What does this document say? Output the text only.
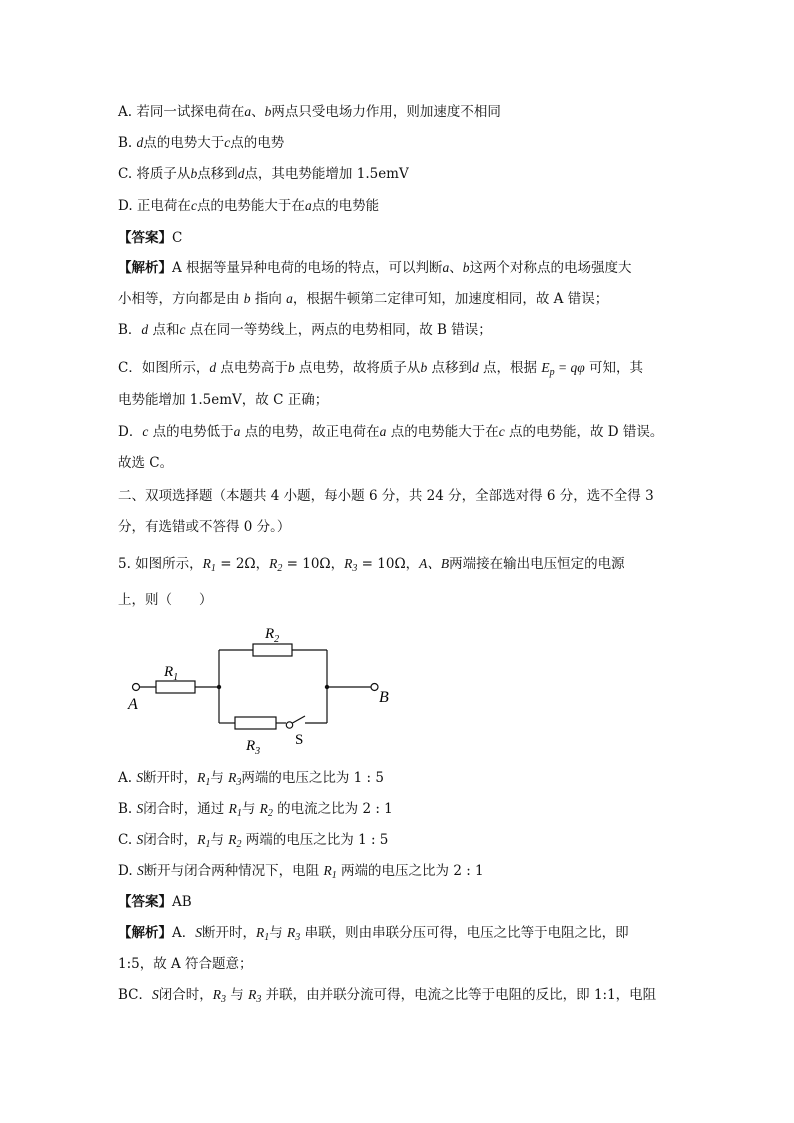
A. 若同一试探电荷在a、b两点只受电场力作用，则加速度不相同
B. d点的电势大于c点的电势
C. 将质子从b点移到d点，其电势能增加 1.5emV
D. 正电荷在c点的电势能大于在a点的电势能
【答案】C
【解析】A 根据等量异种电荷的电场的特点，可以判断a、b这两个对称点的电场强度大
小相等，方向都是由 b 指向 a，根据牛顿第二定律可知，加速度相同，故 A 错误；
B．d 点和c 点在同一等势线上，两点的电势相同，故 B 错误；
C．如图所示，d 点电势高于b 点电势，故将质子从b 点移到d 点，根据 $E_p = q\varphi$ 可知，其
电势能增加 1.5emV，故 C 正确；
D．c 点的电势低于a 点的电势，故正电荷在a 点的电势能大于在c 点的电势能，故 D 错误。
故选 C。
二、双项选择题（本题共 4 小题，每小题 6 分，共 24 分，全部选对得 6 分，选不全得 3
分，有选错或不答得 0 分。）
5. 如图所示，$R_1 = 2\Omega$，$R_2 = 10\Omega$，$R_3 = 10\Omega$，A、B两端接在输出电压恒定的电源
上，则（　　）
$R_1$
$R_2$
$R_3$
A	B
S
A. S断开时，$R_1$与 $R_3$两端的电压之比为 1 : 5
B. S闭合时，通过 $R_1$与 $R_2$ 的电流之比为 2 : 1
C. S闭合时，$R_1$与 $R_2$ 两端的电压之比为 1 : 5
D. S断开与闭合两种情况下，电阻 $R_1$ 两端的电压之比为 2 : 1
【答案】AB
【解析】A．S断开时，$R_1$与 $R_3$ 串联，则由串联分压可得，电压之比等于电阻之比，即
1:5，故 A 符合题意；
BC．S闭合时，$R_3$ 与 $R_3$ 并联，由并联分流可得，电流之比等于电阻的反比，即 1:1，电阻
